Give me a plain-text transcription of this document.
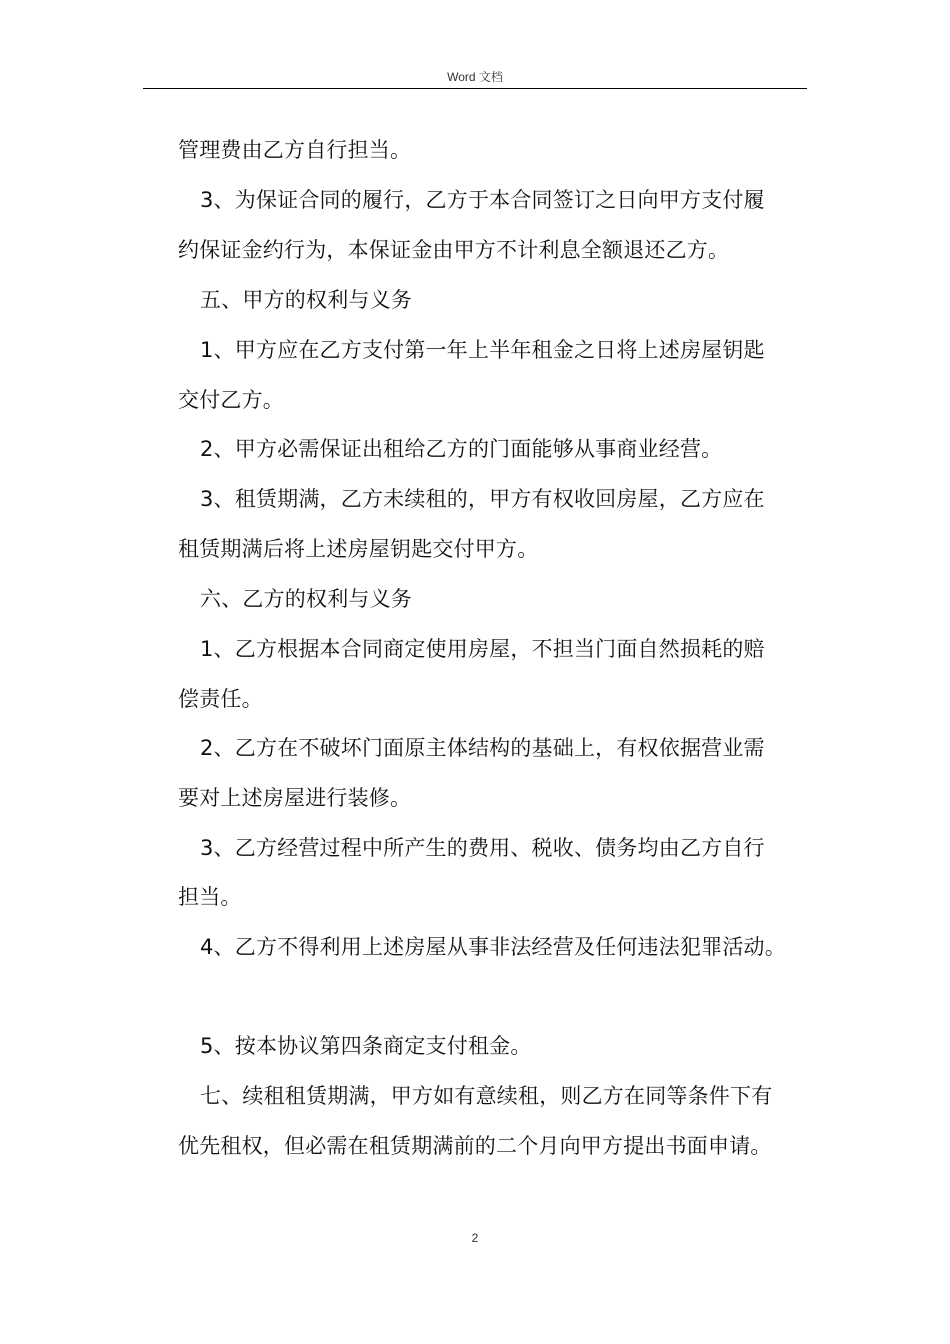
Word 文档
管理费由乙方自行担当。
3、为保证合同的履行，乙方于本合同签订之日向甲方支付履
约保证金约行为，本保证金由甲方不计利息全额退还乙方。
五、甲方的权利与义务
1、甲方应在乙方支付第一年上半年租金之日将上述房屋钥匙
交付乙方。
2、甲方必需保证出租给乙方的门面能够从事商业经营。
3、租赁期满，乙方未续租的，甲方有权收回房屋，乙方应在
租赁期满后将上述房屋钥匙交付甲方。
六、乙方的权利与义务
1、乙方根据本合同商定使用房屋，不担当门面自然损耗的赔
偿责任。
2、乙方在不破坏门面原主体结构的基础上，有权依据营业需
要对上述房屋进行装修。
3、乙方经营过程中所产生的费用、税收、债务均由乙方自行
担当。
4、乙方不得利用上述房屋从事非法经营及任何违法犯罪活动。
5、按本协议第四条商定支付租金。
七、续租租赁期满，甲方如有意续租，则乙方在同等条件下有
优先租权，但必需在租赁期满前的二个月向甲方提出书面申请。
2
